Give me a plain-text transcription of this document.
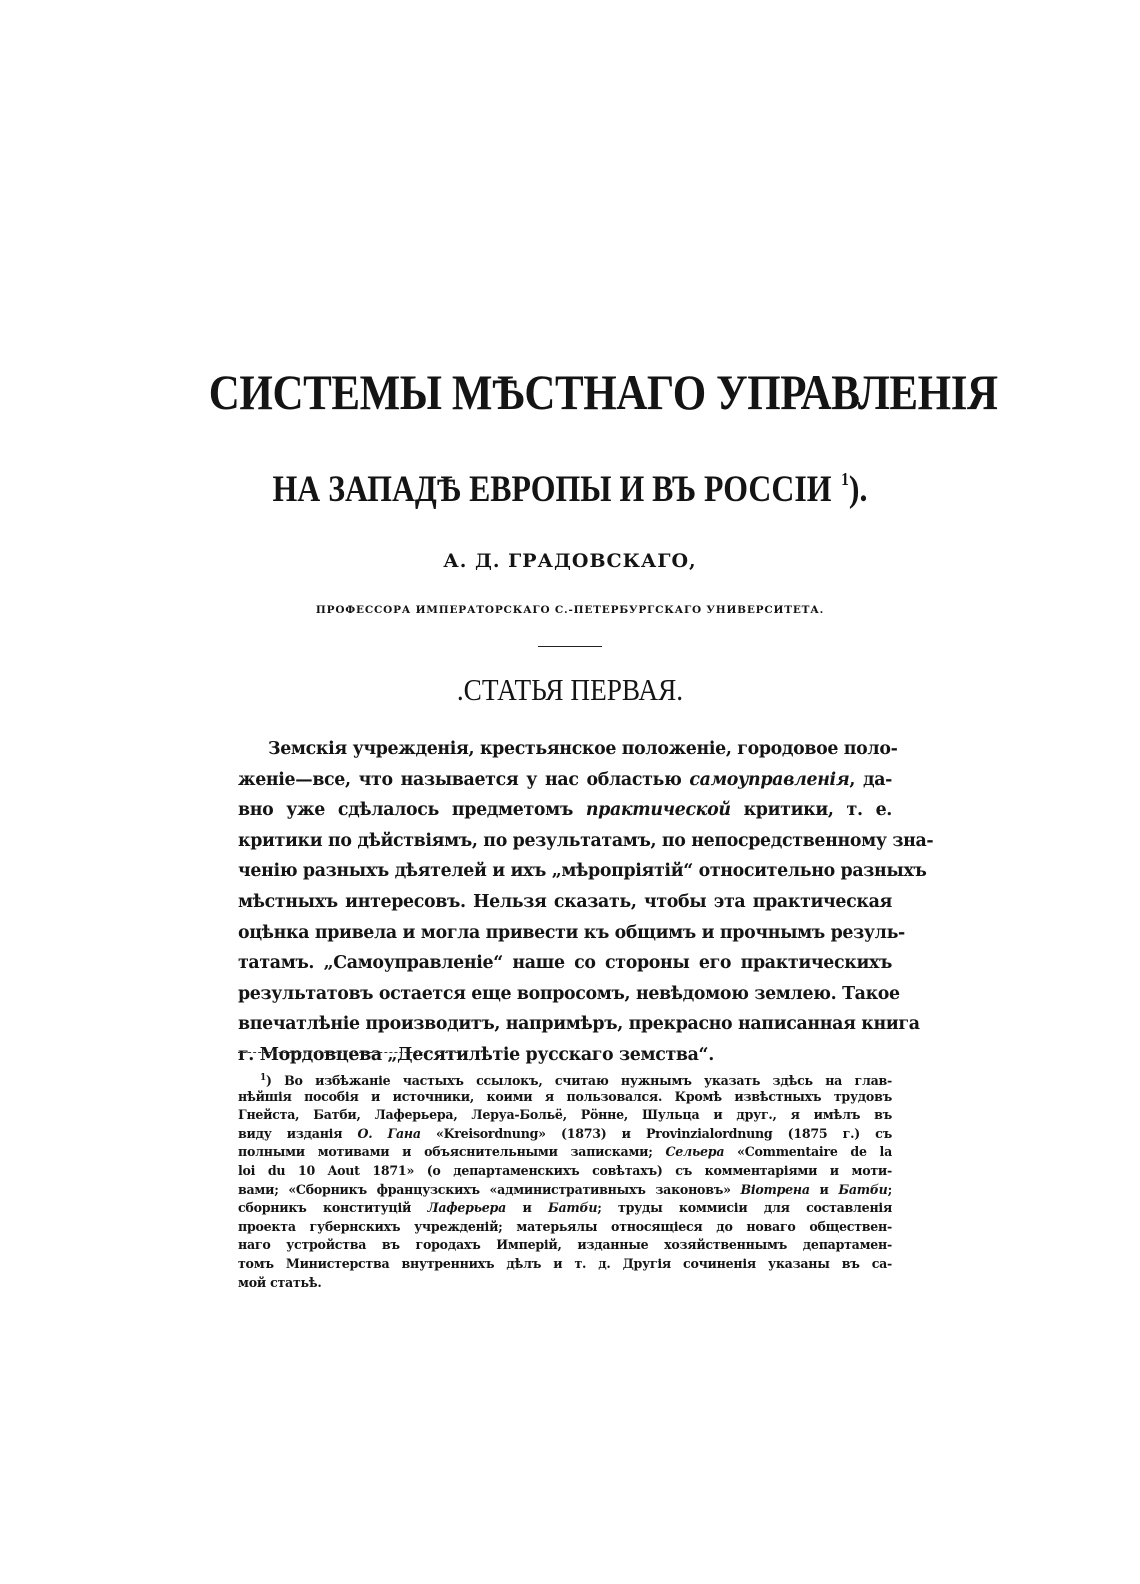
СИСТЕМЫ МѢСТНАГО УПРАВЛЕНІЯ
НА ЗАПАДѢ ЕВРОПЫ И ВЪ РОССІИ $^1$).
А. Д. ГРАДОВСКАГО,
ПРОФЕССОРА ИМПЕРАТОРСКАГО С.-ПЕТЕРБУРГСКАГО УНИВЕРСИТЕТА.
.СТАТЬЯ ПЕРВАЯ.
Земскія учрежденія, крестьянское положеніе, городовое поло-
женіе—все, что называется у нас областью самоуправленія, да-
вно уже сдѣлалось предметомъ практической критики, т. е.
критики по дѣйствіямъ, по результатамъ, по непосредственному зна-
ченію разныхъ дѣятелей и ихъ „мѣропріятій“ относительно разныхъ
мѣстныхъ интересовъ. Нельзя сказать, чтобы эта практическая
оцѣнка привела и могла привести къ общимъ и прочнымъ резуль-
татамъ. „Самоуправленіе“ наше со стороны его практическихъ
результатовъ остается еще вопросомъ, невѣдомою землею. Такое
впечатлѣніе производитъ, напримѣръ, прекрасно написанная книга
г. Мордовцева „Десятилѣтіе русскаго земства“.
$^1$) Во избѣжаніе частыхъ ссылокъ, считаю нужнымъ указать здѣсь на глав-
нѣйшія пособія и источники, коими я пользовался. Кромѣ извѣстныхъ трудовъ
Гнейста, Батби, Лаферьера, Леруа-Больё, Рöнне, Шульца и друг., я имѣлъ въ
виду изданія О. Гана «Kreisordnung» (1873) и Provinzialordnung (1875 г.) съ
полными мотивами и объяснительными записками; Сельера «Commentaire de la
loi du 10 Aout 1871» (о департаменскихъ совѣтахъ) съ комментаріями и моти-
вами; «Сборникъ французскихъ «административныхъ законовъ» Віотрена и Батби;
сборникъ конституцій Лаферьера и Батби; труды коммисіи для составленія
проекта губернскихъ учрежденій; матерьялы относящіеся до новаго обществен-
наго устройства въ городахъ Имперій, изданные хозяйственнымъ департамен-
томъ Министерства внутреннихъ дѣлъ и т. д. Другія сочиненія указаны въ са-
мой статьѣ.
